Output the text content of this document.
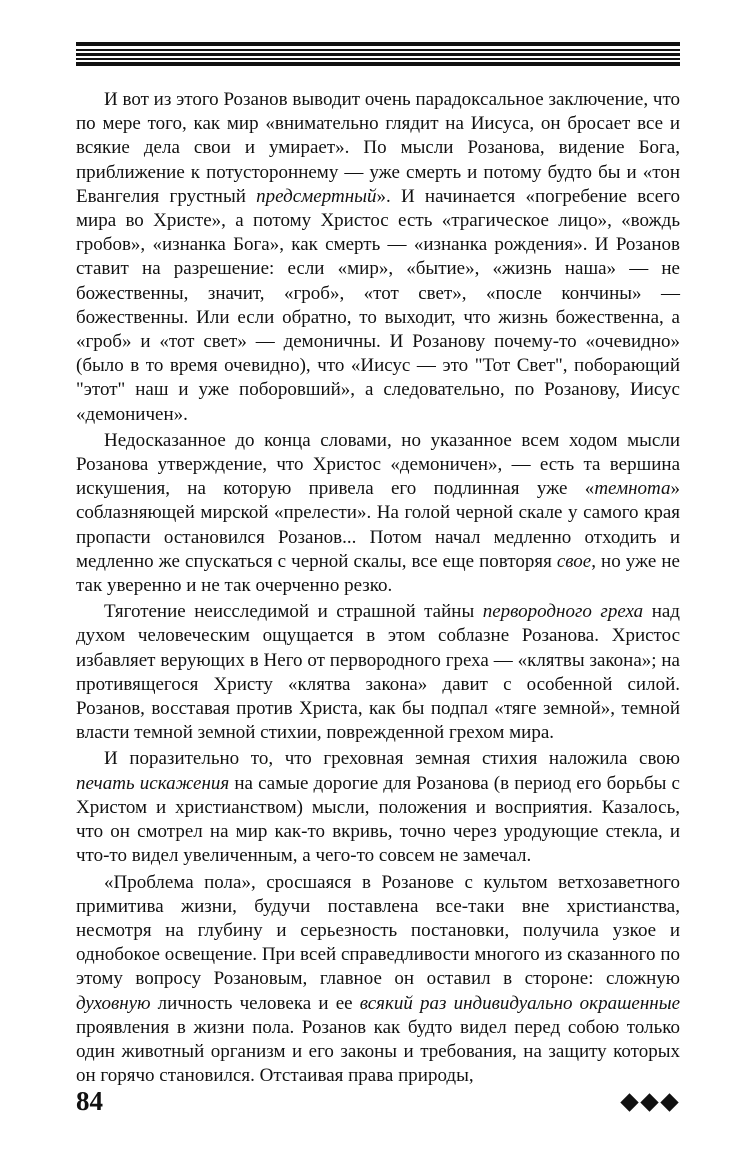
И вот из этого Розанов выводит очень парадоксальное заключение, что по мере того, как мир «внимательно глядит на Иисуса, он бросает все и всякие дела свои и умирает». По мысли Розанова, видение Бога, приближение к потустороннему — уже смерть и потому будто бы и «тон Евангелия грустный предсмертный». И начинается «погребение всего мира во Христе», а потому Христос есть «трагическое лицо», «вождь гробов», «изнанка Бога», как смерть — «изнанка рождения». И Розанов ставит на разрешение: если «мир», «бытие», «жизнь наша» — не божественны, значит, «гроб», «тот свет», «после кончины» — божественны. Или если обратно, то выходит, что жизнь божественна, а «гроб» и «тот свет» — демоничны. И Розанову почему-то «очевидно» (было в то время очевидно), что «Иисус — это "Тот Свет", поборающий "этот" наш и уже поборовший», а следовательно, по Розанову, Иисус «демоничен».

Недосказанное до конца словами, но указанное всем ходом мысли Розанова утверждение, что Христос «демоничен», — есть та вершина искушения, на которую привела его подлинная уже «темнота» соблазняющей мирской «прелести». На голой черной скале у самого края пропасти остановился Розанов... Потом начал медленно отходить и медленно же спускаться с черной скалы, все еще повторяя свое, но уже не так уверенно и не так очерченно резко.

Тяготение неисследимой и страшной тайны первородного греха над духом человеческим ощущается в этом соблазне Розанова. Христос избавляет верующих в Него от первородного греха — «клятвы закона»; на противящегося Христу «клятва закона» давит с особенной силой. Розанов, восставая против Христа, как бы подпал «тяге земной», темной власти темной земной стихии, поврежденной грехом мира.

И поразительно то, что греховная земная стихия наложила свою печать искажения на самые дорогие для Розанова (в период его борьбы с Христом и христианством) мысли, положения и восприятия. Казалось, что он смотрел на мир как-то вкривь, точно через уродующие стекла, и что-то видел увеличенным, а чего-то совсем не замечал.

«Проблема пола», сросшаяся в Розанове с культом ветхозаветного примитива жизни, будучи поставлена все-таки вне христианства, несмотря на глубину и серьезность постановки, получила узкое и однобокое освещение. При всей справедливости многого из сказанного по этому вопросу Розановым, главное он оставил в стороне: сложную духовную личность человека и ее всякий раз индивидуально окрашенные проявления в жизни пола. Розанов как будто видел перед собою только один животный организм и его законы и требования, на защиту которых он горячо становился. Отстаивая права природы,

84
